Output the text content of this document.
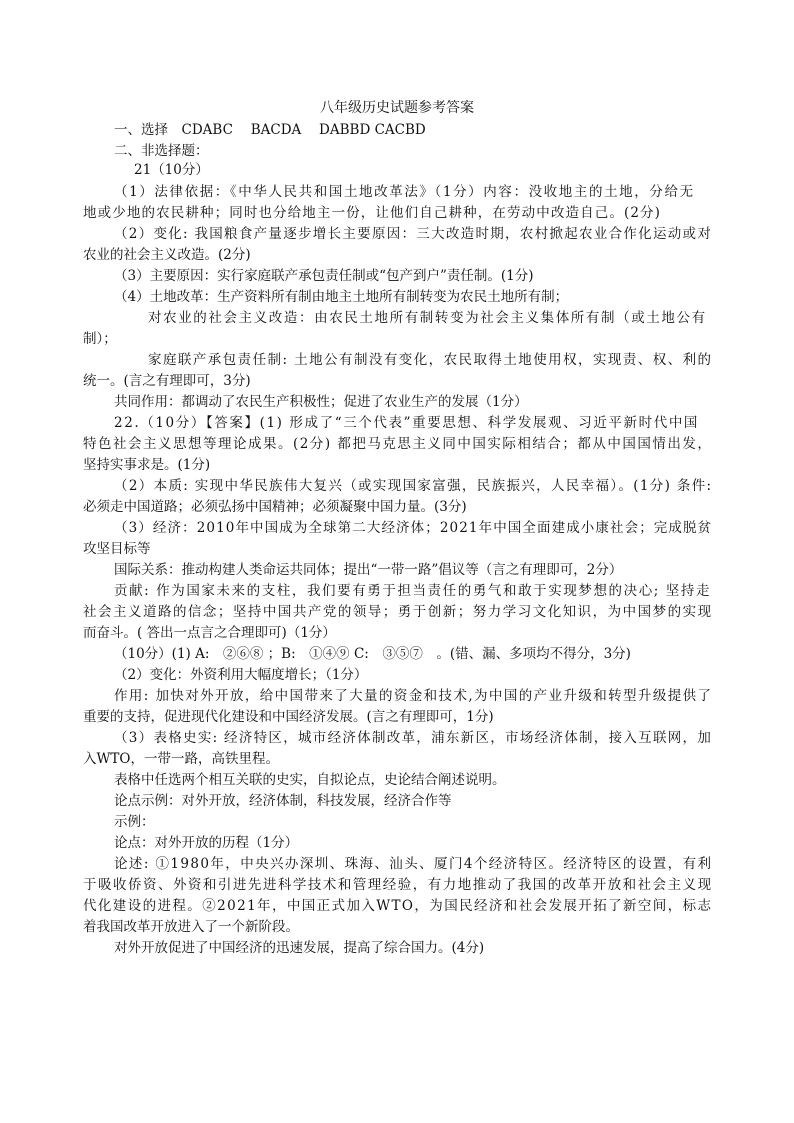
八年级历史试题参考答案
一、选择　CDABC　 BACDA　 DABBD CACBD
二、非选择题：
21（10分）
（1）法律依据：《中华人民共和国土地改革法》（1分）内容：没收地主的土地，分给无
地或少地的农民耕种；同时也分给地主一份，让他们自己耕种，在劳动中改造自己。(2分)
（2）变化: 我国粮食产量逐步增长主要原因：三大改造时期，农村掀起农业合作化运动或对
农业的社会主义改造。(2分)
（3）主要原因：实行家庭联产承包责任制或“包产到户”责任制。(1分)
（4）土地改革：生产资料所有制由地主土地所有制转变为农民土地所有制；
对农业的社会主义改造：由农民土地所有制转变为社会主义集体所有制（或土地公有
制）；
家庭联产承包责任制: 土地公有制没有变化，农民取得土地使用权，实现责、权、利的
统一。(言之有理即可，3分)
共同作用：都调动了农民生产积极性；促进了农业生产的发展（1分）
22.（10分）【答案】(1) 形成了“三个代表”重要思想、科学发展观、习近平新时代中国
特色社会主义思想等理论成果。(2分) 都把马克思主义同中国实际相结合；都从中国国情出发，
坚持实事求是。(1分)
（2）本质: 实现中华民族伟大复兴（或实现国家富强，民族振兴，人民幸福）。(1分) 条件:
必须走中国道路；必须弘扬中国精神；必须凝聚中国力量。(3分)
（3）经济：2010年中国成为全球第二大经济体；2021年中国全面建成小康社会；完成脱贫
攻坚目标等
国际关系：推动构建人类命运共同体；提出“一带一路”倡议等（言之有理即可，2分）
贡献: 作为国家未来的支柱，我们要有勇于担当责任的勇气和敢于实现梦想的决心; 坚持走
社会主义道路的信念；坚持中国共产党的领导；勇于创新；努力学习文化知识，为中国梦的实现
而奋斗。( 答出一点言之合理即可)（1分）
（10分）(1) A:　②⑥⑧ ；B:　①④⑨ C:　③⑤⑦　。(错、漏、多项均不得分，3分)
（2）变化：外资利用大幅度增长；（1分）
作用: 加快对外开放，给中国带来了大量的资金和技术,为中国的产业升级和转型升级提供了
重要的支持，促进现代化建设和中国经济发展。(言之有理即可，1分)
（3）表格史实: 经济特区，城市经济体制改革，浦东新区，市场经济体制，接入互联网，加
入WTO，一带一路，高铁里程。
表格中任选两个相互关联的史实，自拟论点，史论结合阐述说明。
论点示例：对外开放，经济体制，科技发展，经济合作等
示例：
论点：对外开放的历程（1分）
论述: ①1980年，中央兴办深圳、珠海、汕头、厦门4个经济特区。经济特区的设置，有利
于吸收侨资、外资和引进先进科学技术和管理经验，有力地推动了我国的改革开放和社会主义现
代化建设的进程。②2021年，中国正式加入WTO，为国民经济和社会发展开拓了新空间，标志
着我国改革开放进入了一个新阶段。
对外开放促进了中国经济的迅速发展，提高了综合国力。(4分)
